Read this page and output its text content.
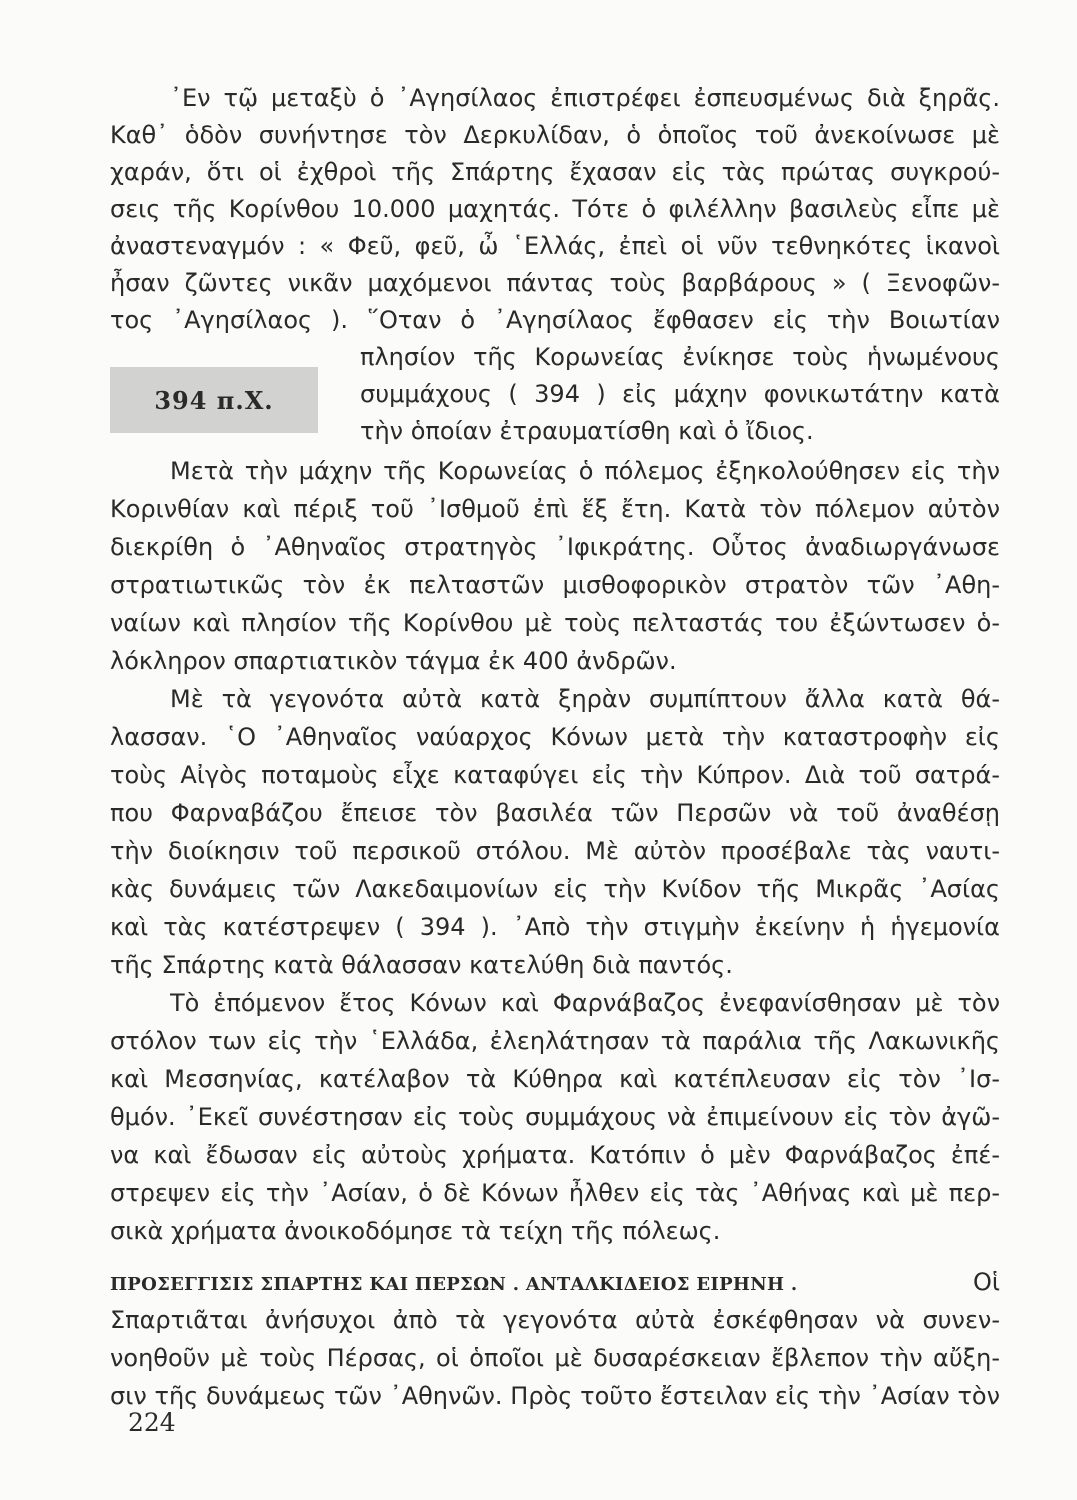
᾿Εν τῷ μεταξὺ ὁ ᾿Αγησίλαος ἐπιστρέφει ἐσπευσμένως διὰ ξηρᾶς.
Καθ᾿ ὁδὸν συνήντησε τὸν Δερκυλίδαν, ὁ ὁποῖος τοῦ ἀνεκοίνωσε μὲ
χαράν, ὅτι οἱ ἐχθροὶ τῆς Σπάρτης ἔχασαν εἰς τὰς πρώτας συγκρού-
σεις τῆς Κορίνθου 10.000 μαχητάς. Τότε ὁ φιλέλλην βασιλεὺς εἶπε μὲ
ἀναστεναγμόν : « Φεῦ, φεῦ, ὦ ῾Ελλάς, ἐπεὶ οἱ νῦν τεθνηκότες ἱκανοὶ
ἦσαν ζῶντες νικᾶν μαχόμενοι πάντας τοὺς βαρβάρους » ( Ξενοφῶν-
τος ᾿Αγησίλαος ). ῞Οταν ὁ ᾿Αγησίλαος ἔφθασεν εἰς τὴν Βοιωτίαν
394 π.Χ.
πλησίον τῆς Κορωνείας ἐνίκησε τοὺς ἡνωμένους
συμμάχους ( 394 ) εἰς μάχην φονικωτάτην κατὰ
τὴν ὁποίαν ἐτραυματίσθη καὶ ὁ ἴδιος.
Μετὰ τὴν μάχην τῆς Κορωνείας ὁ πόλεμος ἐξηκολούθησεν εἰς τὴν
Κορινθίαν καὶ πέριξ τοῦ ᾿Ισθμοῦ ἐπὶ ἕξ ἔτη. Κατὰ τὸν πόλεμον αὐτὸν
διεκρίθη ὁ ᾿Αθηναῖος στρατηγὸς ᾿Ιφικράτης. Οὗτος ἀναδιωργάνωσε
στρατιωτικῶς τὸν ἐκ πελταστῶν μισθοφορικὸν στρατὸν τῶν ᾿Αθη-
ναίων καὶ πλησίον τῆς Κορίνθου μὲ τοὺς πελταστάς του ἐξώντωσεν ὁ-
λόκληρον σπαρτιατικὸν τάγμα ἐκ 400 ἀνδρῶν.
Μὲ τὰ γεγονότα αὐτὰ κατὰ ξηρὰν συμπίπτουν ἄλλα κατὰ θά-
λασσαν. ῾Ο ᾿Αθηναῖος ναύαρχος Κόνων μετὰ τὴν καταστροφὴν εἰς
τοὺς Αἰγὸς ποταμοὺς εἶχε καταφύγει εἰς τὴν Κύπρον. Διὰ τοῦ σατρά-
που Φαρναβάζου ἔπεισε τὸν βασιλέα τῶν Περσῶν νὰ τοῦ ἀναθέσῃ
τὴν διοίκησιν τοῦ περσικοῦ στόλου. Μὲ αὐτὸν προσέβαλε τὰς ναυτι-
κὰς δυνάμεις τῶν Λακεδαιμονίων εἰς τὴν Κνίδον τῆς Μικρᾶς ᾿Ασίας
καὶ τὰς κατέστρεψεν ( 394 ). ᾿Απὸ τὴν στιγμὴν ἐκείνην ἡ ἡγεμονία
τῆς Σπάρτης κατὰ θάλασσαν κατελύθη διὰ παντός.
Τὸ ἑπόμενον ἔτος Κόνων καὶ Φαρνάβαζος ἐνεφανίσθησαν μὲ τὸν
στόλον των εἰς τὴν ῾Ελλάδα, ἐλεηλάτησαν τὰ παράλια τῆς Λακωνικῆς
καὶ Μεσσηνίας, κατέλαβον τὰ Κύθηρα καὶ κατέπλευσαν εἰς τὸν ᾿Ισ-
θμόν. ᾿Εκεῖ συνέστησαν εἰς τοὺς συμμάχους νὰ ἐπιμείνουν εἰς τὸν ἀγῶ-
να καὶ ἔδωσαν εἰς αὐτοὺς χρήματα. Κατόπιν ὁ μὲν Φαρνάβαζος ἐπέ-
στρεψεν εἰς τὴν ᾿Ασίαν, ὁ δὲ Κόνων ἦλθεν εἰς τὰς ᾿Αθήνας καὶ μὲ περ-
σικὰ χρήματα ἀνοικοδόμησε τὰ τείχη τῆς πόλεως.
ΠΡΟΣΕΓΓΙΣΙΣ ΣΠΑΡΤΗΣ ΚΑΙ ΠΕΡΣΩΝ . ΑΝΤΑΛΚΙΔΕΙΟΣ ΕΙΡΗΝΗ .	Οἱ
Σπαρτιᾶται ἀνήσυχοι ἀπὸ τὰ γεγονότα αὐτὰ ἐσκέφθησαν νὰ συνεν-
νοηθοῦν μὲ τοὺς Πέρσας, οἱ ὁποῖοι μὲ δυσαρέσκειαν ἔβλεπον τὴν αὔξη-
σιν τῆς δυνάμεως τῶν ᾿Αθηνῶν. Πρὸς τοῦτο ἔστειλαν εἰς τὴν ᾿Ασίαν τὸν
224
